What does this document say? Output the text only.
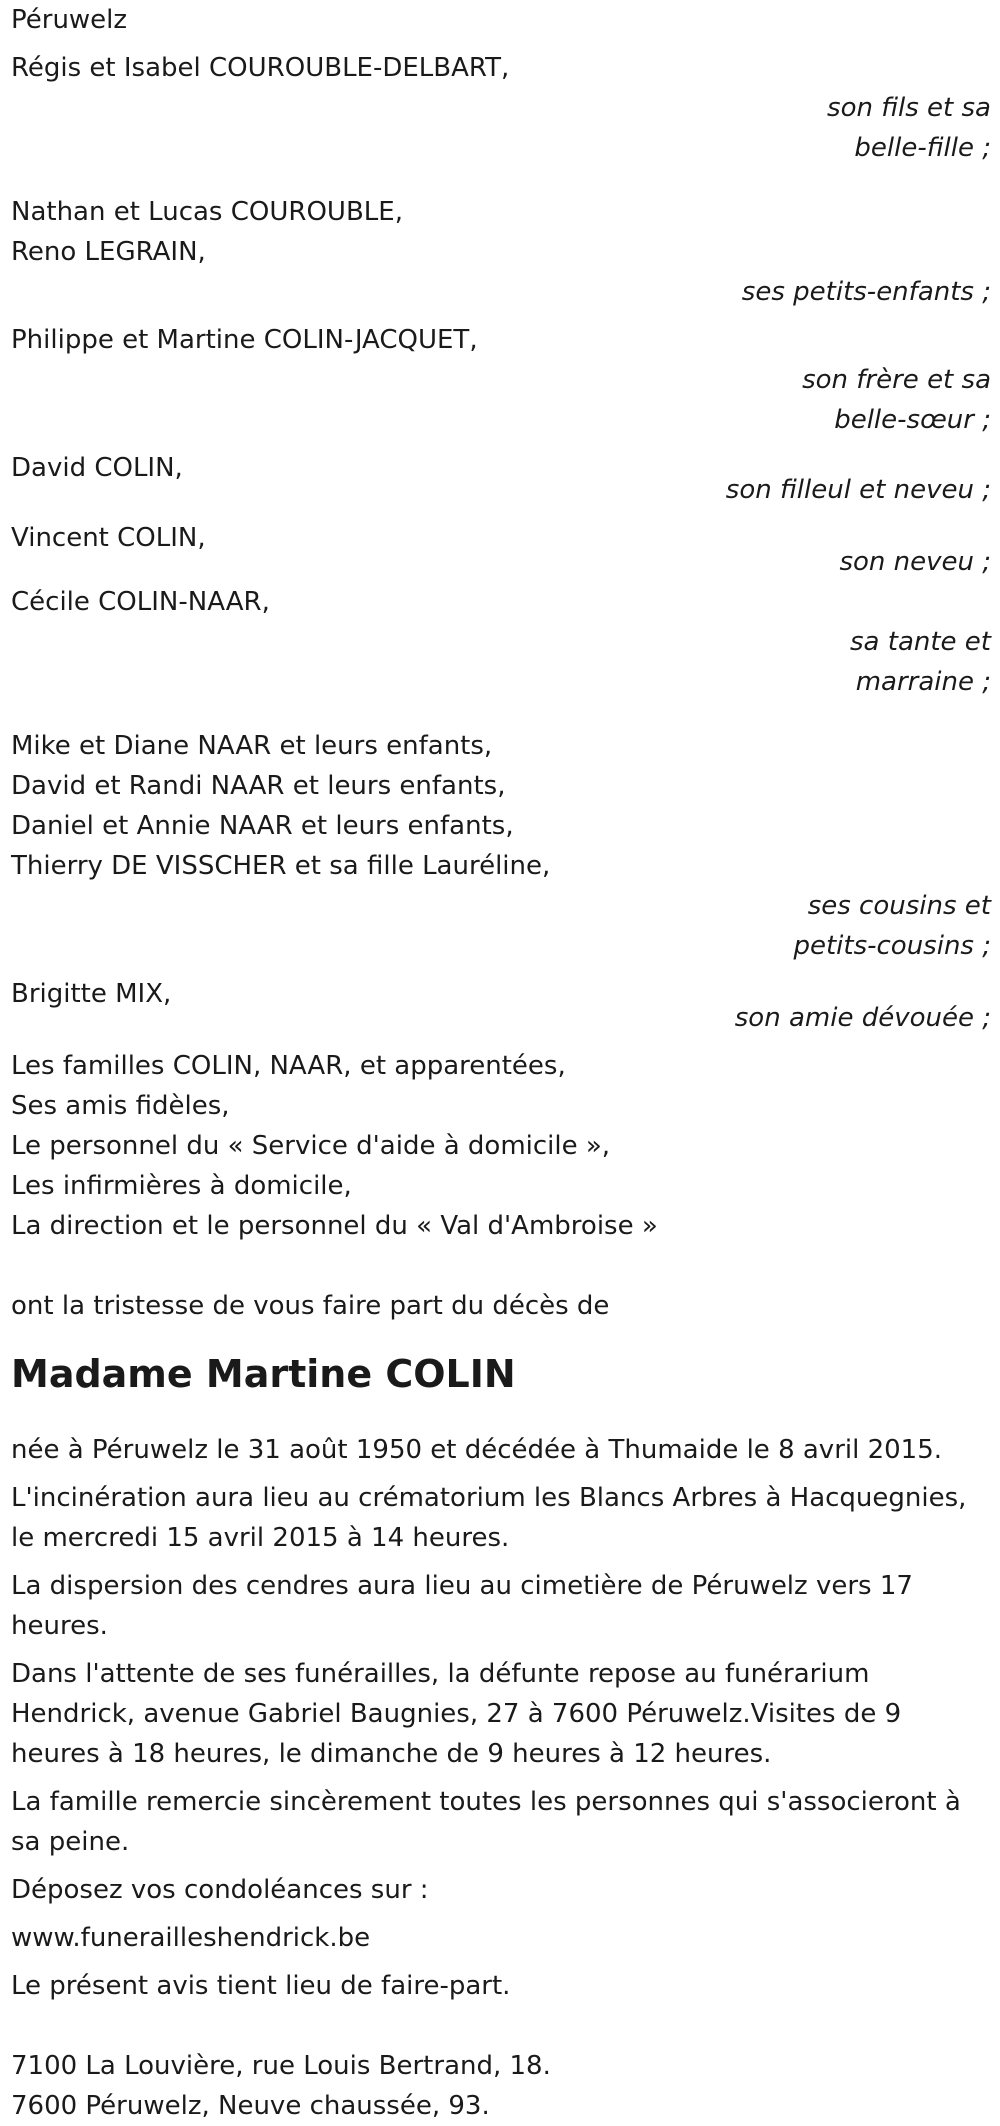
Péruwelz
Régis et Isabel COUROUBLE-DELBART,
son fils et sa
belle-fille ;
Nathan et Lucas COUROUBLE,
Reno LEGRAIN,
ses petits-enfants ;
Philippe et Martine COLIN-JACQUET,
son frère et sa
belle-sœur ;
David COLIN,
son filleul et neveu ;
Vincent COLIN,
son neveu ;
Cécile COLIN-NAAR,
sa tante et
marraine ;
Mike et Diane NAAR et leurs enfants,
David et Randi NAAR et leurs enfants,
Daniel et Annie NAAR et leurs enfants,
Thierry DE VISSCHER et sa fille Lauréline,
ses cousins et
petits-cousins ;
Brigitte MIX,
son amie dévouée ;
Les familles COLIN, NAAR, et apparentées,
Ses amis fidèles,
Le personnel du « Service d'aide à domicile »,
Les infirmières à domicile,
La direction et le personnel du « Val d'Ambroise »
ont la tristesse de vous faire part du décès de
Madame Martine COLIN
née à Péruwelz le 31 août 1950 et décédée à Thumaide le 8 avril 2015.
L'incinération aura lieu au crématorium les Blancs Arbres à Hacquegnies, le mercredi 15 avril 2015 à 14 heures.
La dispersion des cendres aura lieu au cimetière de Péruwelz vers 17 heures.
Dans l'attente de ses funérailles, la défunte repose au funérarium Hendrick, avenue Gabriel Baugnies, 27 à 7600 Péruwelz.Visites de 9 heures à 18 heures, le dimanche de 9 heures à 12 heures.
La famille remercie sincèrement toutes les personnes qui s'associeront à sa peine.
Déposez vos condoléances sur :
www.funerailleshendrick.be
Le présent avis tient lieu de faire-part.
7100 La Louvière, rue Louis Bertrand, 18.
7600 Péruwelz, Neuve chaussée, 93.
